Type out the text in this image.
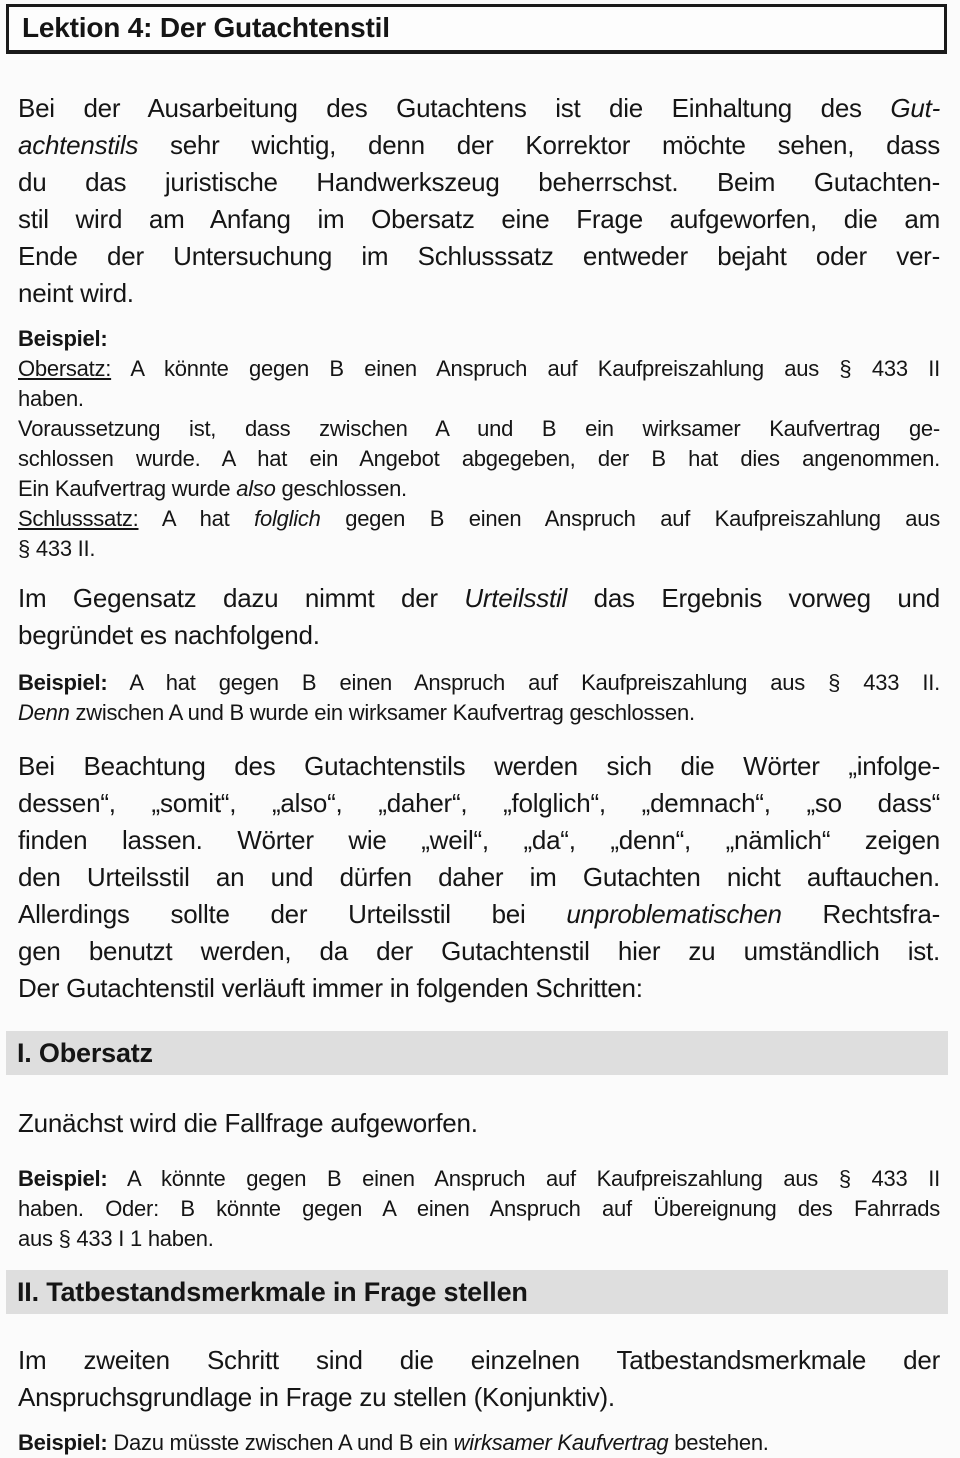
Lektion 4: Der Gutachtenstil
Bei der Ausarbeitung des Gutachtens ist die Einhaltung des Gut-
achtenstils sehr wichtig, denn der Korrektor möchte sehen, dass
du das juristische Handwerkszeug beherrschst. Beim Gutachten-
stil wird am Anfang im Obersatz eine Frage aufgeworfen, die am
Ende der Untersuchung im Schlusssatz entweder bejaht oder ver-
neint wird.
Beispiel:
Obersatz: A könnte gegen B einen Anspruch auf Kaufpreiszahlung aus § 433 II
haben.
Voraussetzung ist, dass zwischen A und B ein wirksamer Kaufvertrag ge-
schlossen wurde. A hat ein Angebot abgegeben, der B hat dies angenommen.
Ein Kaufvertrag wurde also geschlossen.
Schlusssatz: A hat folglich gegen B einen Anspruch auf Kaufpreiszahlung aus
§ 433 II.
Im Gegensatz dazu nimmt der Urteilsstil das Ergebnis vorweg und
begründet es nachfolgend.
Beispiel: A hat gegen B einen Anspruch auf Kaufpreiszahlung aus § 433 II.
Denn zwischen A und B wurde ein wirksamer Kaufvertrag geschlossen.
Bei Beachtung des Gutachtenstils werden sich die Wörter „infolge-
dessen“, „somit“, „also“, „daher“, „folglich“, „demnach“, „so dass“
finden lassen. Wörter wie „weil“, „da“, „denn“, „nämlich“ zeigen
den Urteilsstil an und dürfen daher im Gutachten nicht auftauchen.
Allerdings sollte der Urteilsstil bei unproblematischen Rechtsfra-
gen benutzt werden, da der Gutachtenstil hier zu umständlich ist.
Der Gutachtenstil verläuft immer in folgenden Schritten:
I. Obersatz
Zunächst wird die Fallfrage aufgeworfen.
Beispiel: A könnte gegen B einen Anspruch auf Kaufpreiszahlung aus § 433 II
haben. Oder: B könnte gegen A einen Anspruch auf Übereignung des Fahrrads
aus § 433 I 1 haben.
II. Tatbestandsmerkmale in Frage stellen
Im zweiten Schritt sind die einzelnen Tatbestandsmerkmale der
Anspruchsgrundlage in Frage zu stellen (Konjunktiv).
Beispiel: Dazu müsste zwischen A und B ein wirksamer Kaufvertrag bestehen.
